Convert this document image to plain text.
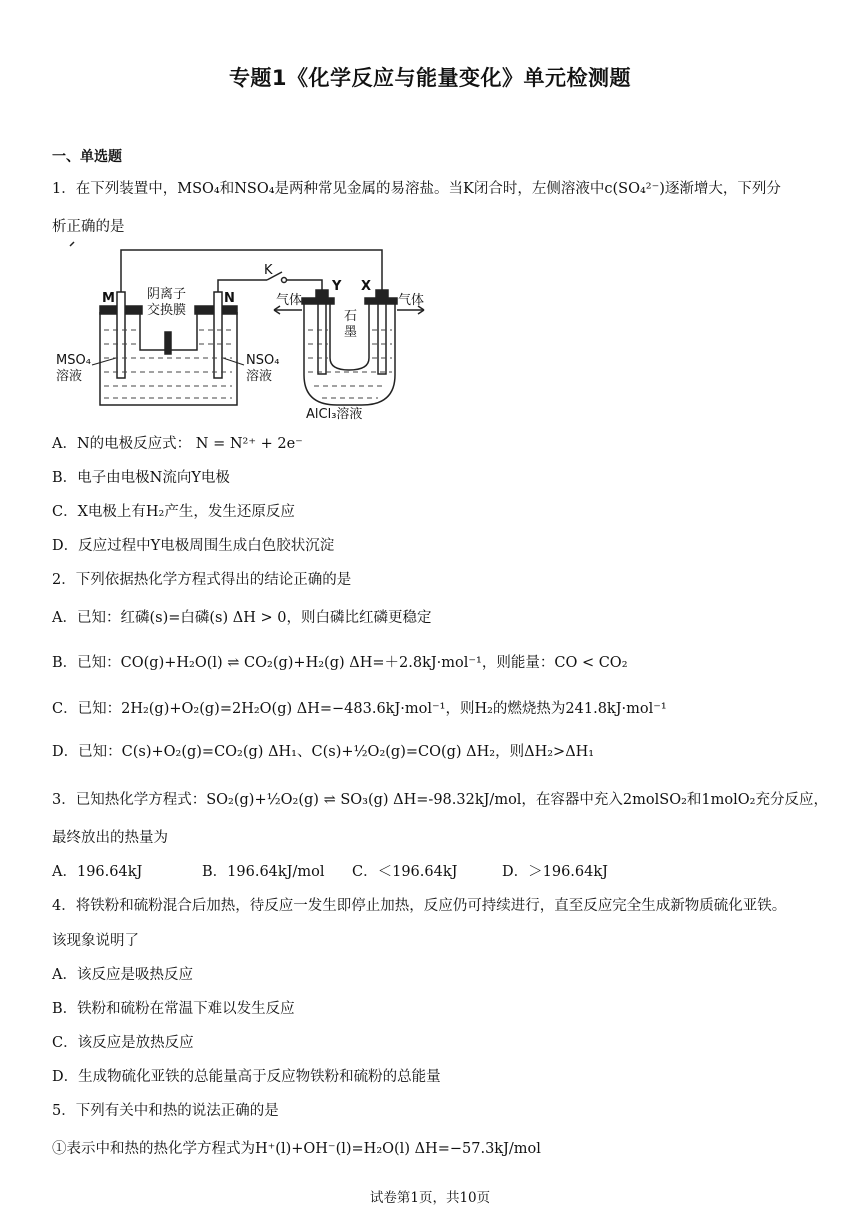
专题1《化学反应与能量变化》单元检测题
一、单选题
1．在下列装置中，MSO₄和NSO₄是两种常见金属的易溶盐。当K闭合时，左侧溶液中c(SO₄²⁻)逐渐增大，下列分
析正确的是
M	N
K
Y X
阴离子
交换膜
气体	气体
石
墨
MSO₄
溶液
NSO₄
溶液
AlCl₃溶液
A．N的电极反应式： N = N²⁺ + 2e⁻
B．电子由电极N流向Y电极
C．X电极上有H₂产生，发生还原反应
D．反应过程中Y电极周围生成白色胶状沉淀
2．下列依据热化学方程式得出的结论正确的是
A．已知：红磷(s)=白磷(s) ΔH > 0，则白磷比红磷更稳定
B．已知：CO(g)+H₂O(l) ⇌ CO₂(g)+H₂(g) ΔH=＋2.8kJ·mol⁻¹，则能量：CO < CO₂
C．已知：2H₂(g)+O₂(g)=2H₂O(g) ΔH=−483.6kJ·mol⁻¹，则H₂的燃烧热为241.8kJ·mol⁻¹
D．已知：C(s)+O₂(g)=CO₂(g) ΔH₁、C(s)+½O₂(g)=CO(g) ΔH₂，则ΔH₂>ΔH₁
3．已知热化学方程式：SO₂(g)+½O₂(g) ⇌ SO₃(g) ΔH=-98.32kJ/mol，在容器中充入2molSO₂和1molO₂充分反应，
最终放出的热量为
A．196.64kJ	B．196.64kJ/mol C．＜196.64kJ	D．＞196.64kJ
4．将铁粉和硫粉混合后加热，待反应一发生即停止加热，反应仍可持续进行，直至反应完全生成新物质硫化亚铁。
该现象说明了
A．该反应是吸热反应
B．铁粉和硫粉在常温下难以发生反应
C．该反应是放热反应
D．生成物硫化亚铁的总能量高于反应物铁粉和硫粉的总能量
5．下列有关中和热的说法正确的是
①表示中和热的热化学方程式为H⁺(l)+OH⁻(l)=H₂O(l) ΔH=−57.3kJ/mol
试卷第1页，共10页
